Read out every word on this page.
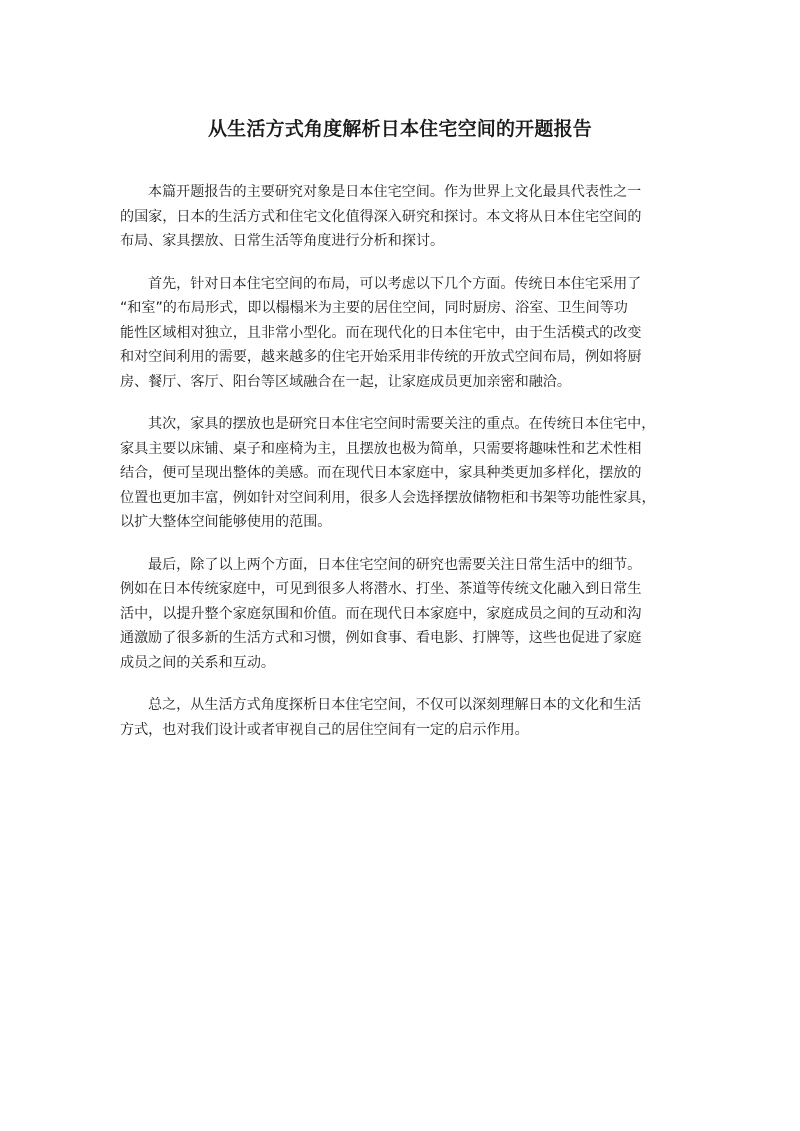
从生活方式角度解析日本住宅空间的开题报告
本篇开题报告的主要研究对象是日本住宅空间。作为世界上文化最具代表性之一
的国家，日本的生活方式和住宅文化值得深入研究和探讨。本文将从日本住宅空间的
布局、家具摆放、日常生活等角度进行分析和探讨。
首先，针对日本住宅空间的布局，可以考虑以下几个方面。传统日本住宅采用了
“和室”的布局形式，即以榻榻米为主要的居住空间，同时厨房、浴室、卫生间等功
能性区域相对独立，且非常小型化。而在现代化的日本住宅中，由于生活模式的改变
和对空间利用的需要，越来越多的住宅开始采用非传统的开放式空间布局，例如将厨
房、餐厅、客厅、阳台等区域融合在一起，让家庭成员更加亲密和融洽。
其次，家具的摆放也是研究日本住宅空间时需要关注的重点。在传统日本住宅中，
家具主要以床铺、桌子和座椅为主，且摆放也极为简单，只需要将趣味性和艺术性相
结合，便可呈现出整体的美感。而在现代日本家庭中，家具种类更加多样化，摆放的
位置也更加丰富，例如针对空间利用，很多人会选择摆放储物柜和书架等功能性家具，
以扩大整体空间能够使用的范围。
最后，除了以上两个方面，日本住宅空间的研究也需要关注日常生活中的细节。
例如在日本传统家庭中，可见到很多人将潜水、打坐、茶道等传统文化融入到日常生
活中，以提升整个家庭氛围和价值。而在现代日本家庭中，家庭成员之间的互动和沟
通激励了很多新的生活方式和习惯，例如食事、看电影、打牌等，这些也促进了家庭
成员之间的关系和互动。
总之，从生活方式角度探析日本住宅空间，不仅可以深刻理解日本的文化和生活
方式，也对我们设计或者审视自己的居住空间有一定的启示作用。
